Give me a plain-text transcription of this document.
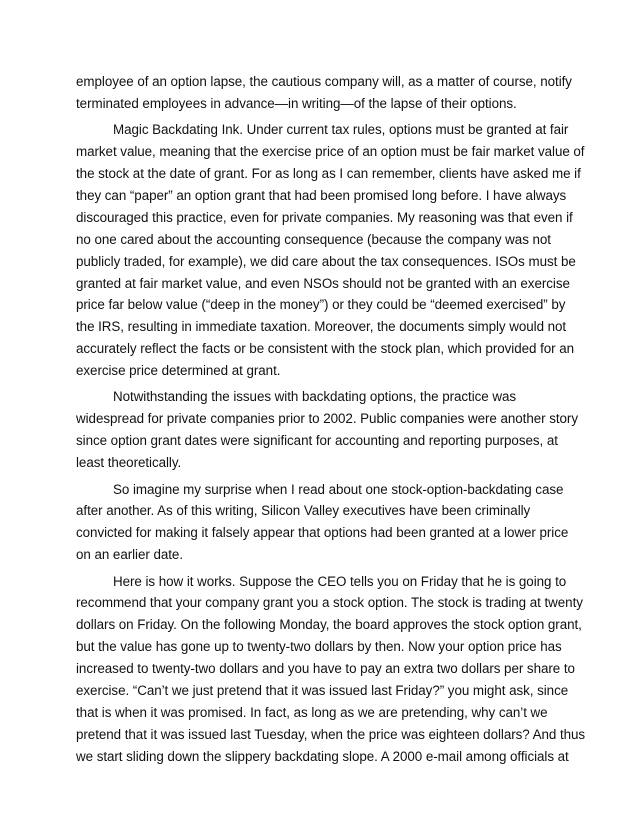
employee of an option lapse, the cautious company will, as a matter of course, notify
terminated employees in advance—in writing—of the lapse of their options.
Magic Backdating Ink. Under current tax rules, options must be granted at fair
market value, meaning that the exercise price of an option must be fair market value of
the stock at the date of grant. For as long as I can remember, clients have asked me if
they can “paper” an option grant that had been promised long before. I have always
discouraged this practice, even for private companies. My reasoning was that even if
no one cared about the accounting consequence (because the company was not
publicly traded, for example), we did care about the tax consequences. ISOs must be
granted at fair market value, and even NSOs should not be granted with an exercise
price far below value (“deep in the money”) or they could be “deemed exercised” by
the IRS, resulting in immediate taxation. Moreover, the documents simply would not
accurately reflect the facts or be consistent with the stock plan, which provided for an
exercise price determined at grant.
Notwithstanding the issues with backdating options, the practice was
widespread for private companies prior to 2002. Public companies were another story
since option grant dates were significant for accounting and reporting purposes, at
least theoretically.
So imagine my surprise when I read about one stock-option-backdating case
after another. As of this writing, Silicon Valley executives have been criminally
convicted for making it falsely appear that options had been granted at a lower price
on an earlier date.
Here is how it works. Suppose the CEO tells you on Friday that he is going to
recommend that your company grant you a stock option. The stock is trading at twenty
dollars on Friday. On the following Monday, the board approves the stock option grant,
but the value has gone up to twenty-two dollars by then. Now your option price has
increased to twenty-two dollars and you have to pay an extra two dollars per share to
exercise. “Can’t we just pretend that it was issued last Friday?” you might ask, since
that is when it was promised. In fact, as long as we are pretending, why can’t we
pretend that it was issued last Tuesday, when the price was eighteen dollars? And thus
we start sliding down the slippery backdating slope. A 2000 e-mail among officials at
